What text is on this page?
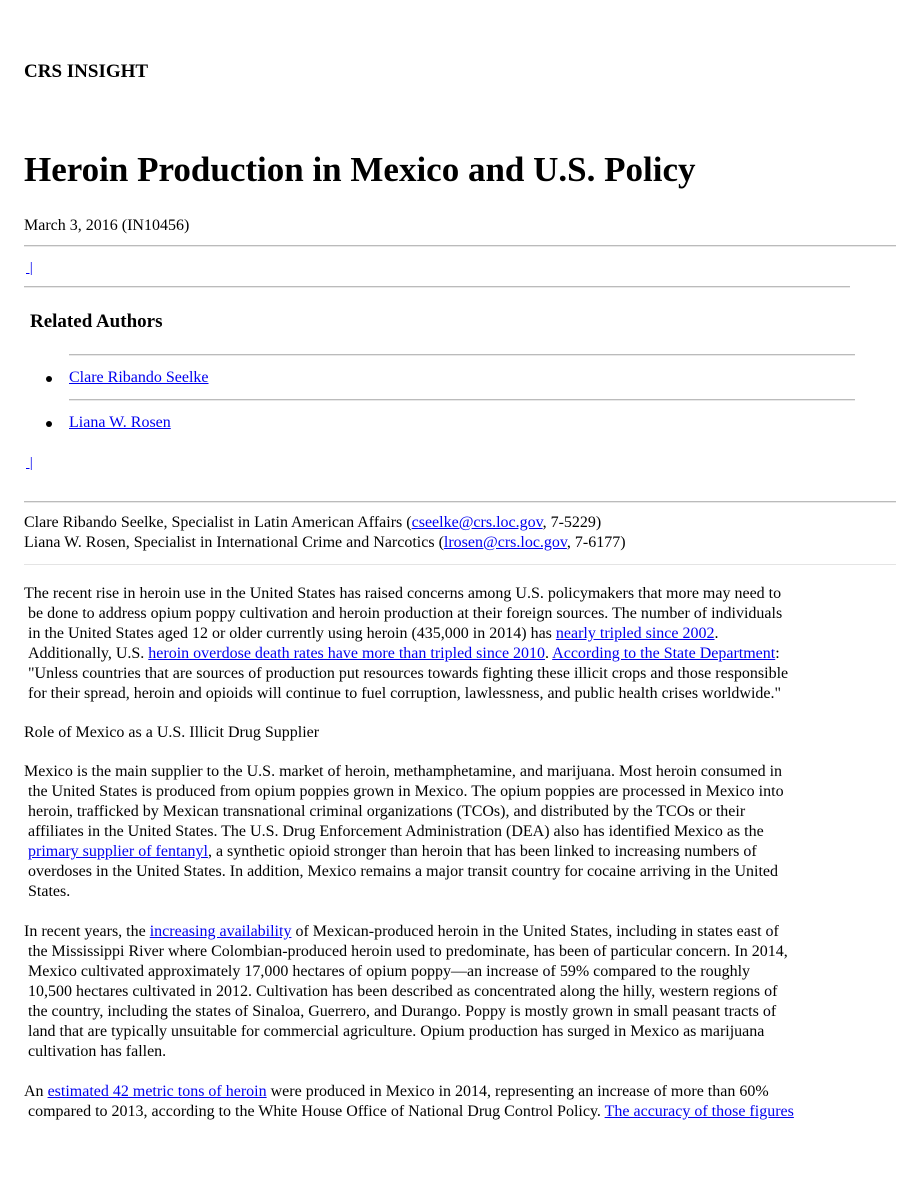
CRS INSIGHT
Heroin Production in Mexico and U.S. Policy

March 3, 2016 (IN10456)

|
Related Authors
Clare Ribando Seelke
Liana W. Rosen
|
Clare Ribando Seelke, Specialist in Latin American Affairs (cseelke@crs.loc.gov, 7-5229)
Liana W. Rosen, Specialist in International Crime and Narcotics (lrosen@crs.loc.gov, 7-6177)

The recent rise in heroin use in the United States has raised concerns among U.S. policymakers that more may need to
be done to address opium poppy cultivation and heroin production at their foreign sources. The number of individuals
in the United States aged 12 or older currently using heroin (435,000 in 2014) has nearly tripled since 2002.
Additionally, U.S. heroin overdose death rates have more than tripled since 2010. According to the State Department:
"Unless countries that are sources of production put resources towards fighting these illicit crops and those responsible
for their spread, heroin and opioids will continue to fuel corruption, lawlessness, and public health crises worldwide."

Role of Mexico as a U.S. Illicit Drug Supplier

Mexico is the main supplier to the U.S. market of heroin, methamphetamine, and marijuana. Most heroin consumed in
the United States is produced from opium poppies grown in Mexico. The opium poppies are processed in Mexico into
heroin, trafficked by Mexican transnational criminal organizations (TCOs), and distributed by the TCOs or their
affiliates in the United States. The U.S. Drug Enforcement Administration (DEA) also has identified Mexico as the
primary supplier of fentanyl, a synthetic opioid stronger than heroin that has been linked to increasing numbers of
overdoses in the United States. In addition, Mexico remains a major transit country for cocaine arriving in the United
States.

In recent years, the increasing availability of Mexican-produced heroin in the United States, including in states east of
the Mississippi River where Colombian-produced heroin used to predominate, has been of particular concern. In 2014,
Mexico cultivated approximately 17,000 hectares of opium poppy—an increase of 59% compared to the roughly
10,500 hectares cultivated in 2012. Cultivation has been described as concentrated along the hilly, western regions of
the country, including the states of Sinaloa, Guerrero, and Durango. Poppy is mostly grown in small peasant tracts of
land that are typically unsuitable for commercial agriculture. Opium production has surged in Mexico as marijuana
cultivation has fallen.

An estimated 42 metric tons of heroin were produced in Mexico in 2014, representing an increase of more than 60%
compared to 2013, according to the White House Office of National Drug Control Policy. The accuracy of those figures
